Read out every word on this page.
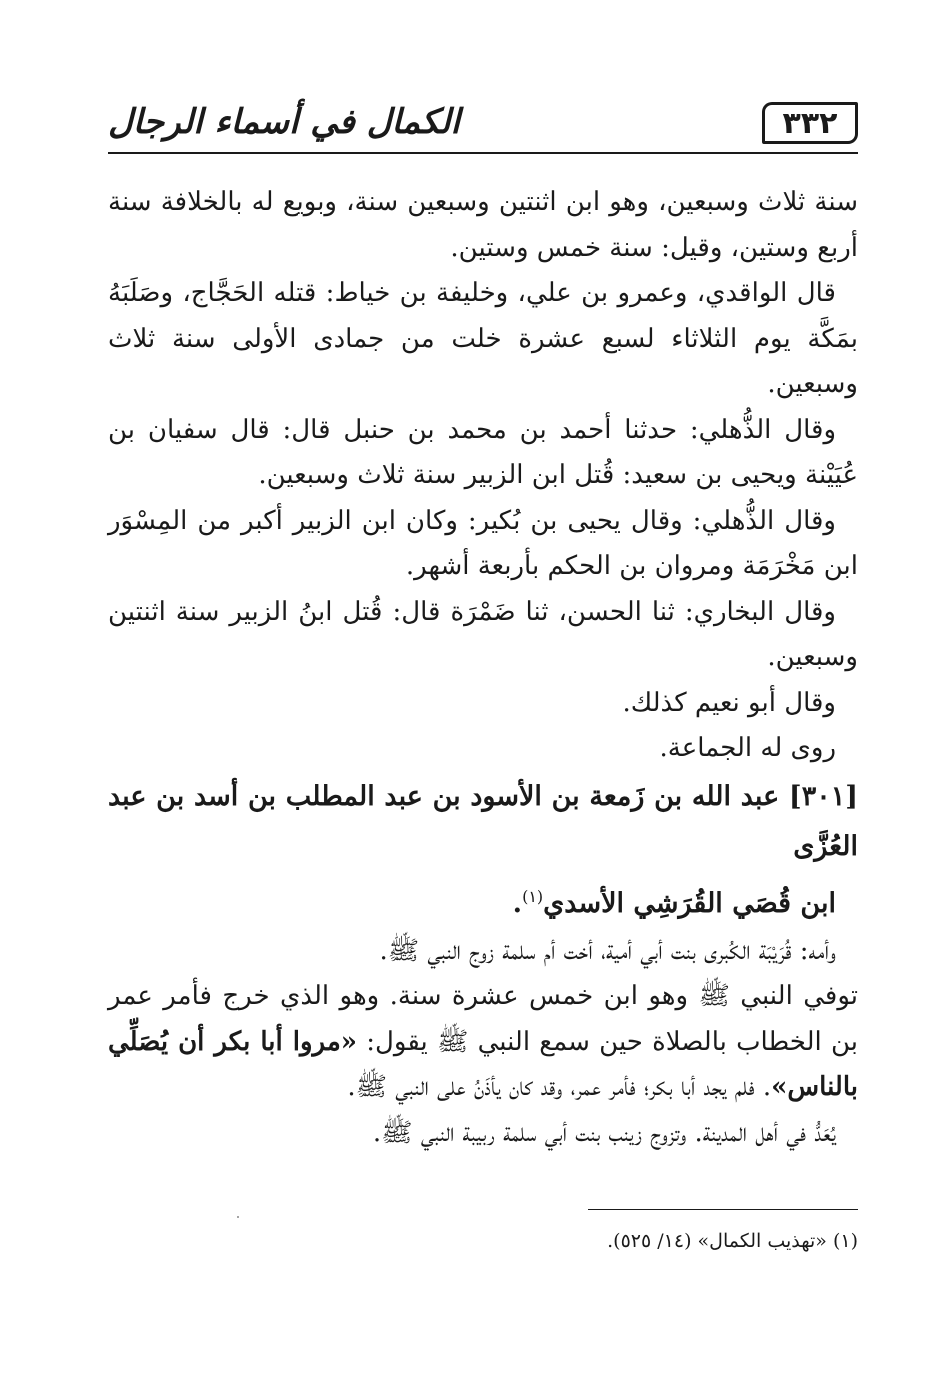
٣٣٢
الكمال في أسماء الرجال

سنة ثلاث وسبعين، وهو ابن اثنتين وسبعين سنة، وبويع له بالخلافة سنة أربع وستين، وقيل: سنة خمس وستين.

قال الواقدي، وعمرو بن علي، وخليفة بن خياط: قتله الحَجَّاج، وصَلَبَهُ بمَكَّة يوم الثلاثاء لسبع عشرة خلت من جمادى الأولى سنة ثلاث وسبعين.

وقال الذُّهلي: حدثنا أحمد بن محمد بن حنبل قال: قال سفيان بن عُيَيْنة ويحيى بن سعيد: قُتل ابن الزبير سنة ثلاث وسبعين.

وقال الذُّهلي: وقال يحيى بن بُكير: وكان ابن الزبير أكبر من المِسْوَر ابن مَخْرَمَة ومروان بن الحكم بأربعة أشهر.

وقال البخاري: ثنا الحسن، ثنا ضَمْرَة قال: قُتل ابنُ الزبير سنة اثنتين وسبعين.

وقال أبو نعيم كذلك.

روى له الجماعة.

[٣٠١] عبد الله بن زَمعة بن الأسود بن عبد المطلب بن أسد بن عبد العُزَّى
ابن قُصَي القُرَشِي الأسدي$^{(١)}$.

وأمه: قُرَيْبَة الكُبرى بنت أبي أمية، أخت أم سلمة زوج النبي ﷺ.

توفي النبي ﷺ وهو ابن خمس عشرة سنة. وهو الذي خرج فأمر عمر بن الخطاب بالصلاة حين سمع النبي ﷺ يقول: «مروا أبا بكر أن يُصَلِّي بالناس». فلم يجد أبا بكر؛ فأمر عمر، وقد كان يأذَنُ على النبي ﷺ.

يُعَدُّ في أهل المدينة. وتزوج زينب بنت أبي سلمة ربيبة النبي ﷺ.

(١) «تهذيب الكمال» (١٤/ ٥٢٥).
